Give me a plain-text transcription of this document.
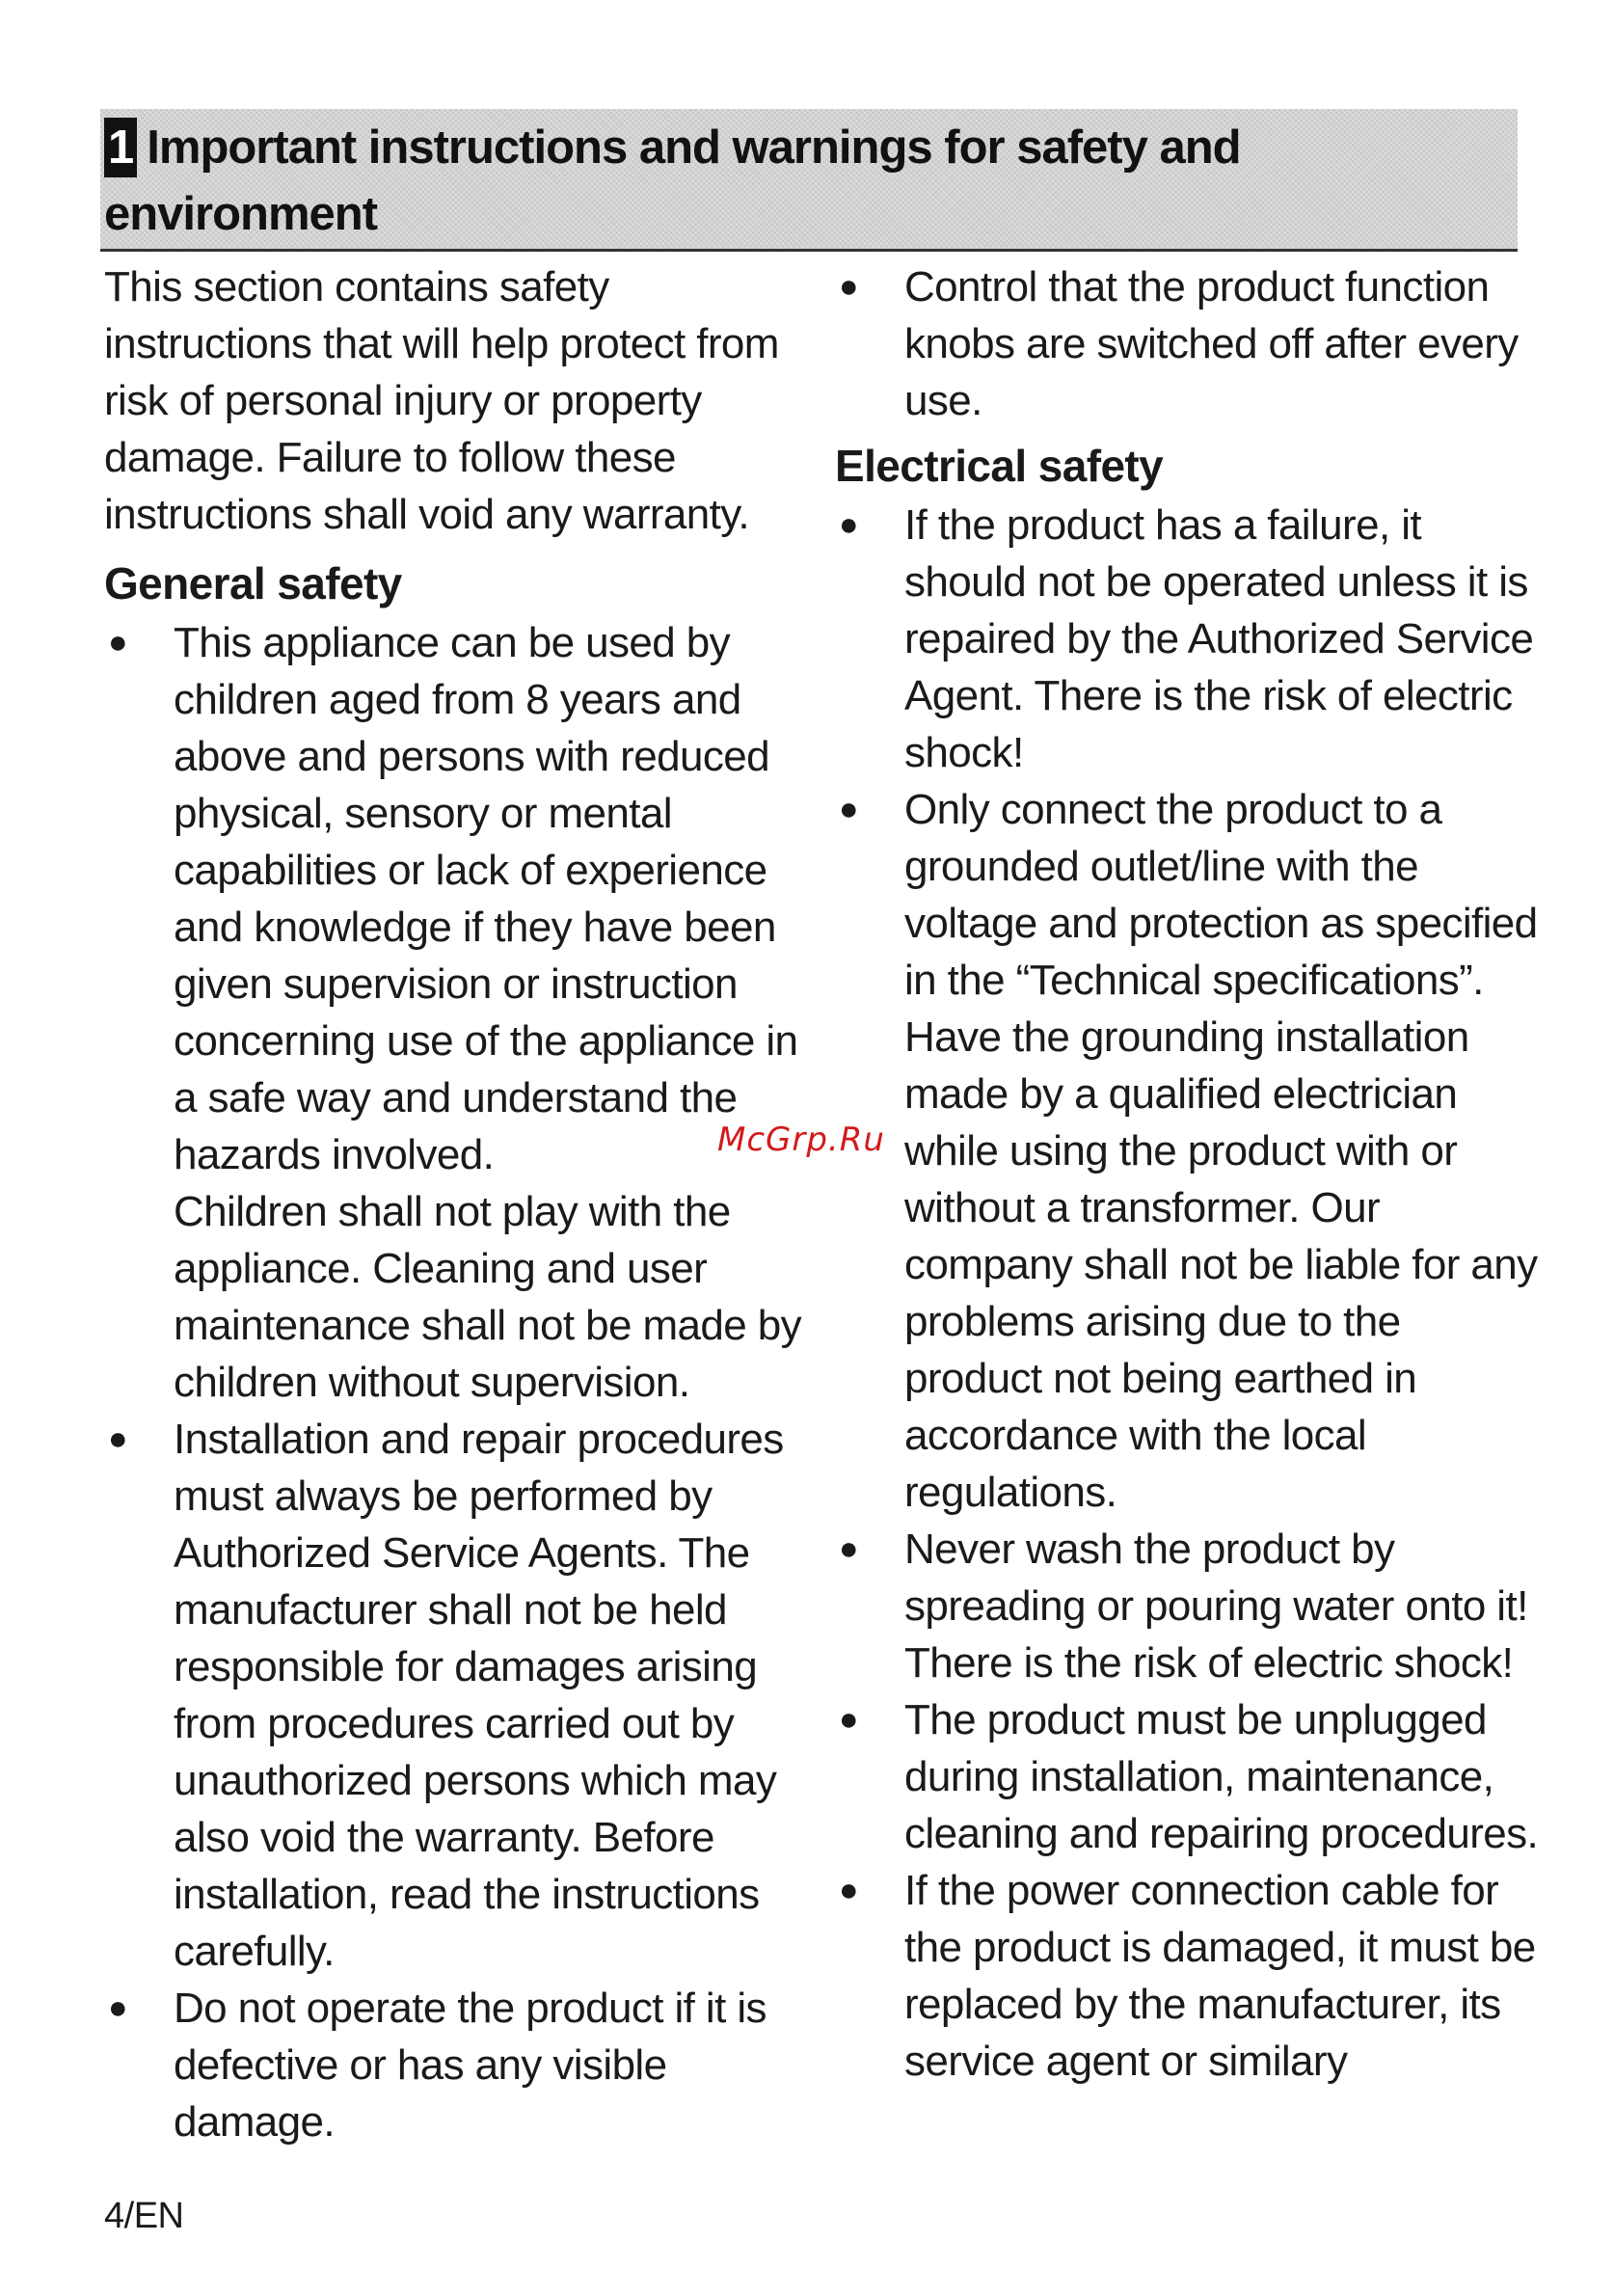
1 Important instructions and warnings for safety and environment

This section contains safety instructions that will help protect from risk of personal injury or property damage. Failure to follow these instructions shall void any warranty.

General safety
● This appliance can be used by children aged from 8 years and above and persons with reduced physical, sensory or mental capabilities or lack of experience and knowledge if they have been given supervision or instruction concerning use of the appliance in a safe way and understand the hazards involved.
Children shall not play with the appliance. Cleaning and user maintenance shall not be made by children without supervision.
● Installation and repair procedures must always be performed by Authorized Service Agents. The manufacturer shall not be held responsible for damages arising from procedures carried out by unauthorized persons which may also void the warranty. Before installation, read the instructions carefully.
● Do not operate the product if it is defective or has any visible damage.
● Control that the product function knobs are switched off after every use.
Electrical safety
● If the product has a failure, it should not be operated unless it is repaired by the Authorized Service Agent. There is the risk of electric shock!
● Only connect the product to a grounded outlet/line with the voltage and protection as specified in the “Technical specifications”. Have the grounding installation made by a qualified electrician while using the product with or without a transformer. Our company shall not be liable for any problems arising due to the product not being earthed in accordance with the local regulations.
● Never wash the product by spreading or pouring water onto it! There is the risk of electric shock!
● The product must be unplugged during installation, maintenance, cleaning and repairing procedures.
● If the power connection cable for the product is damaged, it must be replaced by the manufacturer, its service agent or similary
McGrp.Ru
4/EN
